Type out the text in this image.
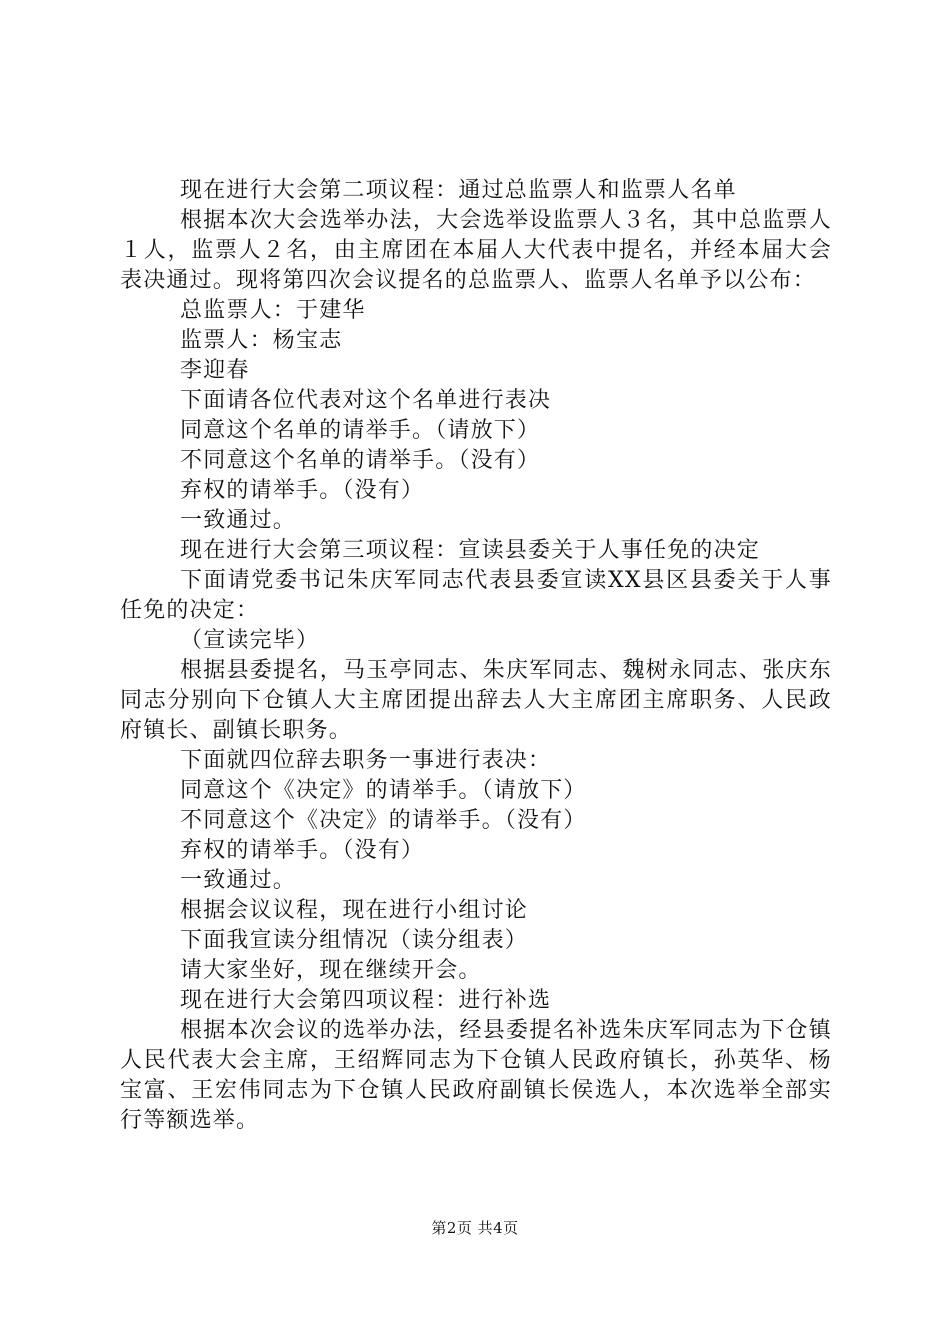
现在进行大会第二项议程：通过总监票人和监票人名单

根据本次大会选举办法，大会选举设监票人３名，其中总监票人１人，监票人２名，由主席团在本届人大代表中提名，并经本届大会表决通过。现将第四次会议提名的总监票人、监票人名单予以公布：

总监票人：于建华

监票人：杨宝志

李迎春

下面请各位代表对这个名单进行表决

同意这个名单的请举手。（请放下）

不同意这个名单的请举手。（没有）

弃权的请举手。（没有）

一致通过。

现在进行大会第三项议程：宣读县委关于人事任免的决定

下面请党委书记朱庆军同志代表县委宣读XX县区县委关于人事任免的决定：

（宣读完毕）

根据县委提名，马玉亭同志、朱庆军同志、魏树永同志、张庆东同志分别向下仓镇人大主席团提出辞去人大主席团主席职务、人民政府镇长、副镇长职务。

下面就四位辞去职务一事进行表决：

同意这个《决定》的请举手。（请放下）

不同意这个《决定》的请举手。（没有）

弃权的请举手。（没有）

一致通过。

根据会议议程，现在进行小组讨论

下面我宣读分组情况（读分组表）

请大家坐好，现在继续开会。

现在进行大会第四项议程：进行补选

根据本次会议的选举办法，经县委提名补选朱庆军同志为下仓镇人民代表大会主席，王绍辉同志为下仓镇人民政府镇长，孙英华、杨宝富、王宏伟同志为下仓镇人民政府副镇长侯选人，本次选举全部实行等额选举。

第2页 共4页
